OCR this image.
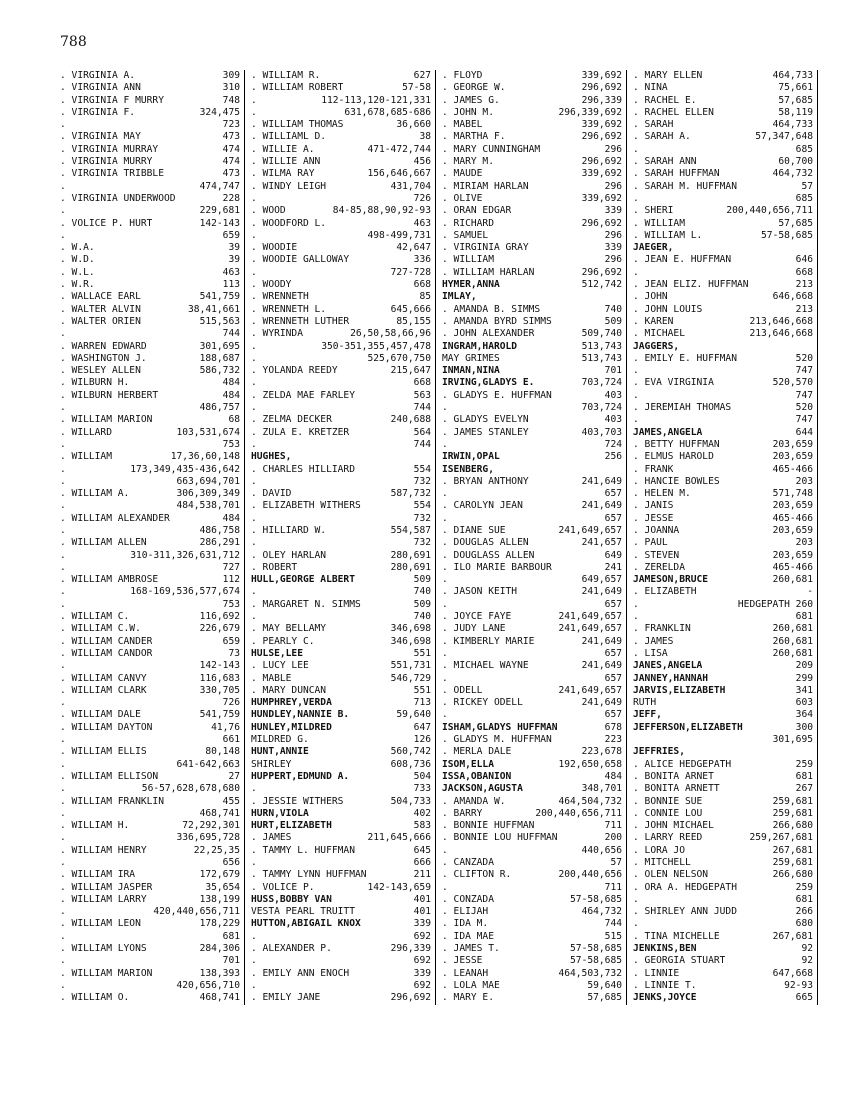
788
. VIRGINIA A.	309
. VIRGINIA ANN	310
. VIRGINIA F MURRY	748
. VIRGINIA F.	324,475
.	723
. VIRGINIA MAY	473
. VIRGINIA MURRAY	474
. VIRGINIA MURRY	474
. VIRGINIA TRIBBLE	473
.	474,747
. VIRGINIA UNDERWOOD	228
.	229,681
. VOLICE P. HURT	142-143
.	659
. W.A.	39
. W.D.	39
. W.L.	463
. W.R.	113
. WALLACE EARL	541,759
. WALTER ALVIN	38,41,661
. WALTER ORIEN	515,563
.	744
. WARREN EDWARD	301,695
. WASHINGTON J.	188,687
. WESLEY ALLEN	586,732
. WILBURN H.	484
. WILBURN HERBERT	484
.	486,757
. WILLIAM MARION	68
. WILLARD	103,531,674
.	753
. WILLIAM	17,36,60,148
.	173,349,435-436,642
.	663,694,701
. WILLIAM A.	306,309,349
.	484,538,701
. WILLIAM ALEXANDER	484
.	486,758
. WILLIAM ALLEN	286,291
.	310-311,326,631,712
.	727
. WILLIAM AMBROSE	112
.	168-169,536,577,674
.	753
. WILLIAM C.	116,692
. WILLIAM C.W.	226,679
. WILLIAM CANDER	659
. WILLIAM CANDOR	73
.	142-143
. WILLIAM CANVY	116,683
. WILLIAM CLARK	330,705
.	726
. WILLIAM DALE	541,759
. WILLIAM DAYTON	41,76
.	661
. WILLIAM ELLIS	80,148
.	641-642,663
. WILLIAM ELLISON	27
.	56-57,628,678,680
. WILLIAM FRANKLIN	455
.	468,741
. WILLIAM H.	72,292,301
.	336,695,728
. WILLIAM HENRY	22,25,35
.	656
. WILLIAM IRA	172,679
. WILLIAM JASPER	35,654
. WILLIAM LARRY	138,199
.	420,440,656,711
. WILLIAM LEON	178,229
.	681
. WILLIAM LYONS	284,306
.	701
. WILLIAM MARION	138,393
.	420,656,710
. WILLIAM O.	468,741
. WILLIAM R.	627
. WILLIAM ROBERT	57-58
.	112-113,120-121,331
.	631,678,685-686
. WILLIAM THOMAS	36,660
. WILLIAML D.	38
. WILLIE A.	471-472,744
. WILLIE ANN	456
. WILMA RAY	156,646,667
. WINDY LEIGH	431,704
.	726
. WOOD	84-85,88,90,92-93
. WOODFORD L.	463
.	498-499,731
. WOODIE	42,647
. WOODIE GALLOWAY	336
.	727-728
. WOODY	668
. WRENNETH	85
. WRENNETH L.	645,666
. WRENNETH LUTHER	85,155
. WYRINDA	26,50,58,66,96
.	350-351,355,457,478
.	525,670,750
. YOLANDA REEDY	215,647
.	668
. ZELDA MAE FARLEY	563
.	744
. ZELMA DECKER	240,688
. ZULA E. KRETZER	564
.	744
HUGHES,
. CHARLES HILLIARD	554
.	732
. DAVID	587,732
. ELIZABETH WITHERS	554
.	732
. HILLIARD W.	554,587
.	732
. OLEY HARLAN	280,691
. ROBERT	280,691
HULL,GEORGE ALBERT	509
.	740
. MARGARET N. SIMMS	509
.	740
. MAY BELLAMY	346,698
. PEARLY C.	346,698
HULSE,LEE	551
. LUCY LEE	551,731
. MABLE	546,729
. MARY DUNCAN	551
HUMPHREY,VERDA	713
HUNDLEY,NANNIE B.	59,640
HUNLEY,MILDRED	647
MILDRED G.	126
HUNT,ANNIE	560,742
SHIRLEY	608,736
HUPPERT,EDMUND A.	504
.	733
. JESSIE WITHERS	504,733
HURN,VIOLA	402
HURT,ELIZABETH	583
. JAMES	211,645,666
. TAMMY L. HUFFMAN	645
.	666
. TAMMY LYNN HUFFMAN	211
. VOLICE P.	142-143,659
HUSS,BOBBY VAN	401
VESTA PEARL TRUITT	401
HUTTON,ABIGAIL KNOX	339
.	692
. ALEXANDER P.	296,339
.	692
. EMILY ANN ENOCH	339
.	692
. EMILY JANE	296,692
. FLOYD	339,692
. GEORGE W.	296,692
. JAMES G.	296,339
. JOHN M.	296,339,692
. MABEL	339,692
. MARTHA F.	296,692
. MARY CUNNINGHAM	296
. MARY M.	296,692
. MAUDE	339,692
. MIRIAM HARLAN	296
. OLIVE	339,692
. ORAN EDGAR	339
. RICHARD	296,692
. SAMUEL	296
. VIRGINIA GRAY	339
. WILLIAM	296
. WILLIAM HARLAN	296,692
HYMER,ANNA	512,742
IMLAY,
. AMANDA B. SIMMS	740
. AMANDA BYRD SIMMS	509
. JOHN ALEXANDER	509,740
INGRAM,HAROLD	513,743
MAY GRIMES	513,743
INMAN,NINA	701
IRVING,GLADYS E.	703,724
. GLADYS E. HUFFMAN	403
.	703,724
. GLADYS EVELYN	403
. JAMES STANLEY	403,703
.	724
IRWIN,OPAL	256
ISENBERG,
. BRYAN ANTHONY	241,649
.	657
. CAROLYN JEAN	241,649
.	657
. DIANE SUE	241,649,657
. DOUGLAS ALLEN	241,657
. DOUGLASS ALLEN	649
. ILO MARIE BARBOUR	241
.	649,657
. JASON KEITH	241,649
.	657
. JOYCE FAYE	241,649,657
. JUDY LANE	241,649,657
. KIMBERLY MARIE	241,649
.	657
. MICHAEL WAYNE	241,649
.	657
. ODELL	241,649,657
. RICKEY ODELL	241,649
.	657
ISHAM,GLADYS HUFFMAN	678
. GLADYS M. HUFFMAN	223
. MERLA DALE	223,678
ISOM,ELLA	192,650,658
ISSA,OBANION	484
JACKSON,AGUSTA	348,701
. AMANDA W.	464,504,732
. BARRY	200,440,656,711
. BONNIE HUFFMAN	711
. BONNIE LOU HUFFMAN	200
.	440,656
. CANZADA	57
. CLIFTON R.	200,440,656
.	711
. CONZADA	57-58,685
. ELIJAH	464,732
. IDA M.	744
. IDA MAE	515
. JAMES T.	57-58,685
. JESSE	57-58,685
. LEANAH	464,503,732
. LOLA MAE	59,640
. MARY E.	57,685
. MARY ELLEN	464,733
. NINA	75,661
. RACHEL E.	57,685
. RACHEL ELLEN	58,119
. SARAH	464,733
. SARAH A.	57,347,648
.	685
. SARAH ANN	60,700
. SARAH HUFFMAN	464,732
. SARAH M. HUFFMAN	57
.	685
. SHERI	200,440,656,711
. WILLIAM	57,685
. WILLIAM L.	57-58,685
JAEGER,
. JEAN E. HUFFMAN	646
.	668
. JEAN ELIZ. HUFFMAN	213
. JOHN	646,668
. JOHN LOUIS	213
. KAREN	213,646,668
. MICHAEL	213,646,668
JAGGERS,
. EMILY E. HUFFMAN	520
.	747
. EVA VIRGINIA	520,570
.	747
. JEREMIAH THOMAS	520
.	747
JAMES,ANGELA	644
. BETTY HUFFMAN	203,659
. ELMUS HAROLD	203,659
. FRANK	465-466
. HANCIE BOWLES	203
. HELEN M.	571,748
. JANIS	203,659
. JESSE	465-466
. JOANNA	203,659
. PAUL	203
. STEVEN	203,659
. ZERELDA	465-466
JAMESON,BRUCE	260,681
. ELIZABETH	-
.	HEDGEPATH 260
.	681
. FRANKLIN	260,681
. JAMES	260,681
. LISA	260,681
JANES,ANGELA	209
JANNEY,HANNAH	299
JARVIS,ELIZABETH	341
RUTH	603
JEFF,	364
JEFFERSON,ELIZABETH	300
301,695
JEFFRIES,
. ALICE HEDGEPATH	259
. BONITA ARNET	681
. BONITA ARNETT	267
. BONNIE SUE	259,681
. CONNIE LOU	259,681
. JOHN MICHAEL	266,680
. LARRY REED	259,267,681
. LORA JO	267,681
. MITCHELL	259,681
. OLEN NELSON	266,680
. ORA A. HEDGEPATH	259
.	681
. SHIRLEY ANN JUDD	266
.	680
. TINA MICHELLE	267,681
JENKINS,BEN	92
. GEORGIA STUART	92
. LINNIE	647,668
. LINNIE T.	92-93
JENKS,JOYCE	665
